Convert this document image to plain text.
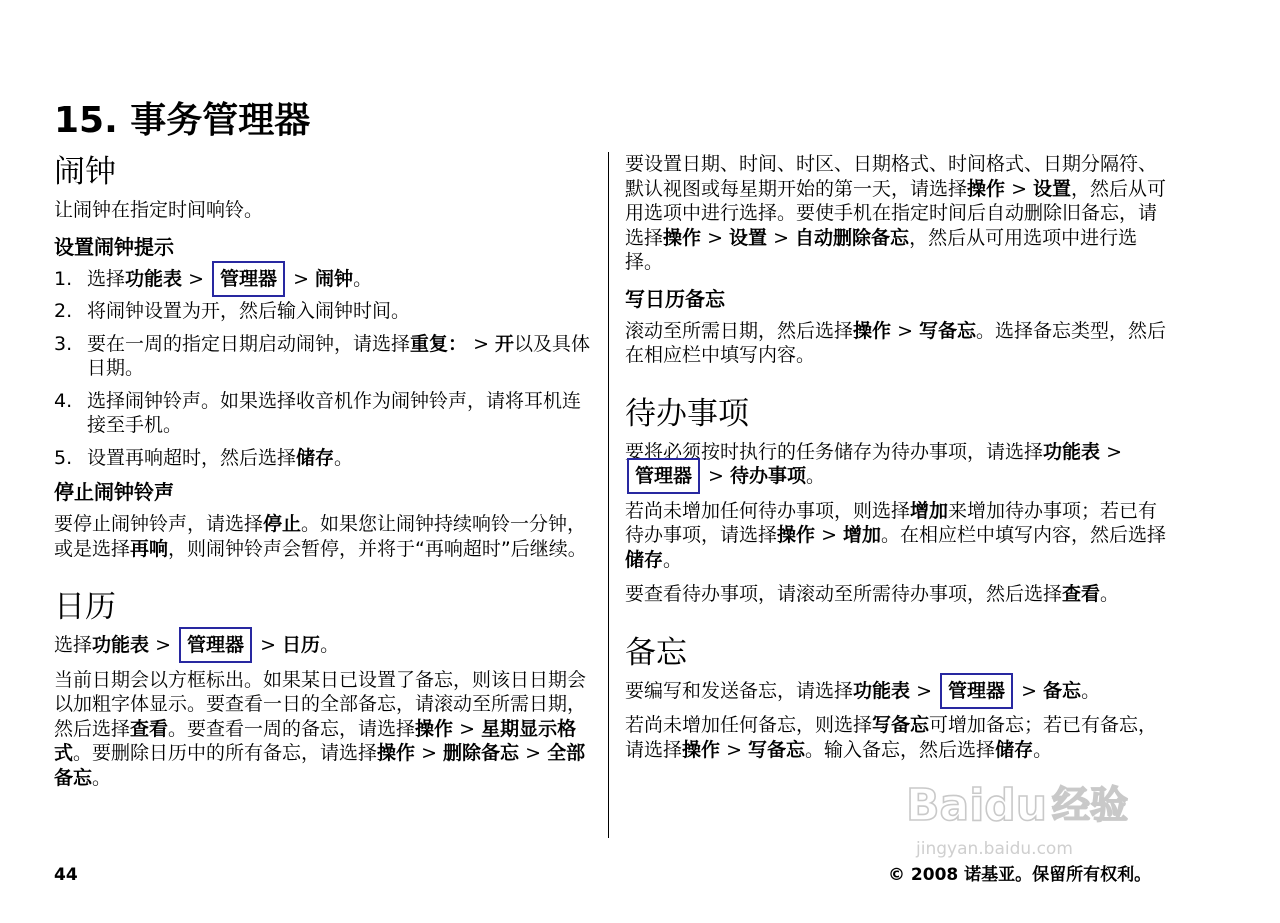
15. 事务管理器
闹钟

让闹钟在指定时间响铃。

设置闹钟提示
1. 选择功能表 > 管理器 > 闹钟。
2. 将闹钟设置为开，然后输入闹钟时间。
3. 要在一周的指定日期启动闹钟，请选择重复： > 开以及具体日期。
4. 选择闹钟铃声。如果选择收音机作为闹钟铃声，请将耳机连接至手机。
5. 设置再响超时，然后选择储存。
停止闹钟铃声

要停止闹钟铃声，请选择停止。如果您让闹钟持续响铃一分钟，或是选择再响，则闹钟铃声会暂停，并将于“再响超时”后继续。

日历

选择功能表 > 管理器 > 日历。

当前日期会以方框标出。如果某日已设置了备忘，则该日日期会以加粗字体显示。要查看一日的全部备忘，请滚动至所需日期，然后选择查看。要查看一周的备忘，请选择操作 > 星期显示格式。要删除日历中的所有备忘，请选择操作 > 删除备忘 > 全部备忘。

要设置日期、时间、时区、日期格式、时间格式、日期分隔符、默认视图或每星期开始的第一天，请选择操作 > 设置，然后从可用选项中进行选择。要使手机在指定时间后自动删除旧备忘，请选择操作 > 设置 > 自动删除备忘，然后从可用选项中进行选择。

写日历备忘

滚动至所需日期，然后选择操作 > 写备忘。选择备忘类型，然后在相应栏中填写内容。

待办事项

要将必须按时执行的任务储存为待办事项，请选择功能表 > 管理器 > 待办事项。

若尚未增加任何待办事项，则选择增加来增加待办事项；若已有待办事项，请选择操作 > 增加。在相应栏中填写内容，然后选择储存。

要查看待办事项，请滚动至所需待办事项，然后选择查看。

备忘

要编写和发送备忘，请选择功能表 > 管理器 > 备忘。

若尚未增加任何备忘，则选择写备忘可增加备忘；若已有备忘，请选择操作 > 写备忘。输入备忘，然后选择储存。

Baidu 经验
jingyan.baidu.com
44	© 2008 诺基亚。保留所有权利。
